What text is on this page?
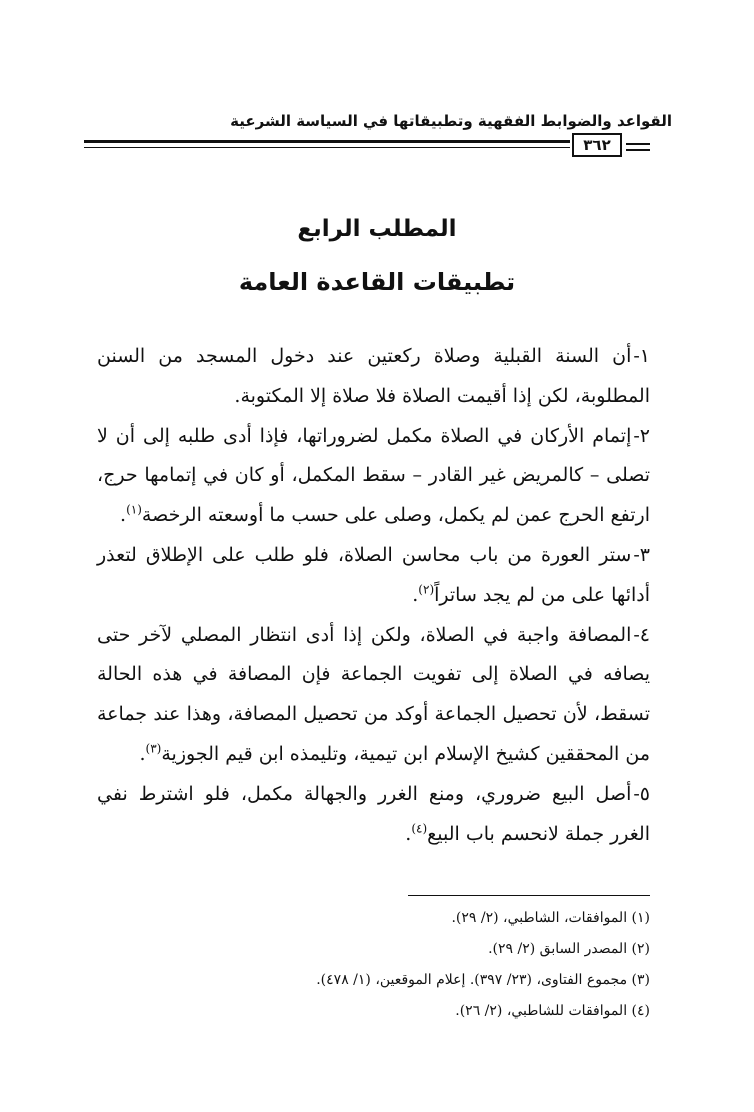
القواعد والضوابط الفقهية وتطبيقاتها في السياسة الشرعية
٣٦٢
المطلب الرابع
تطبيقات القاعدة العامة

١-أن السنة القبلية وصلاة ركعتين عند دخول المسجد من السنن المطلوبة، لكن إذا أقيمت الصلاة فلا صلاة إلا المكتوبة.

٢-إتمام الأركان في الصلاة مكمل لضروراتها، فإذا أدى طلبه إلى أن لا تصلى – كالمريض غير القادر – سقط المكمل، أو كان في إتمامها حرج، ارتفع الحرج عمن لم يكمل، وصلى على حسب ما أوسعته الرخصة$^{(١)}$.

٣-ستر العورة من باب محاسن الصلاة، فلو طلب على الإطلاق لتعذر أدائها على من لم يجد ساتراً$^{(٢)}$.

٤-المصافة واجبة في الصلاة، ولكن إذا أدى انتظار المصلي لآخر حتى يصافه في الصلاة إلى تفويت الجماعة فإن المصافة في هذه الحالة تسقط، لأن تحصيل الجماعة أوكد من تحصيل المصافة، وهذا عند جماعة من المحققين كشيخ الإسلام ابن تيمية، وتليمذه ابن قيم الجوزية$^{(٣)}$.

٥-أصل البيع ضروري، ومنع الغرر والجهالة مكمل، فلو اشترط نفي الغرر جملة لانحسم باب البيع$^{(٤)}$.

(١) الموافقات، الشاطبي، (٢/ ٢٩).

(٢) المصدر السابق (٢/ ٢٩).

(٣) مجموع الفتاوى، (٢٣/ ٣٩٧). إعلام الموقعين، (١/ ٤٧٨).

(٤) الموافقات للشاطبي، (٢/ ٢٦).
